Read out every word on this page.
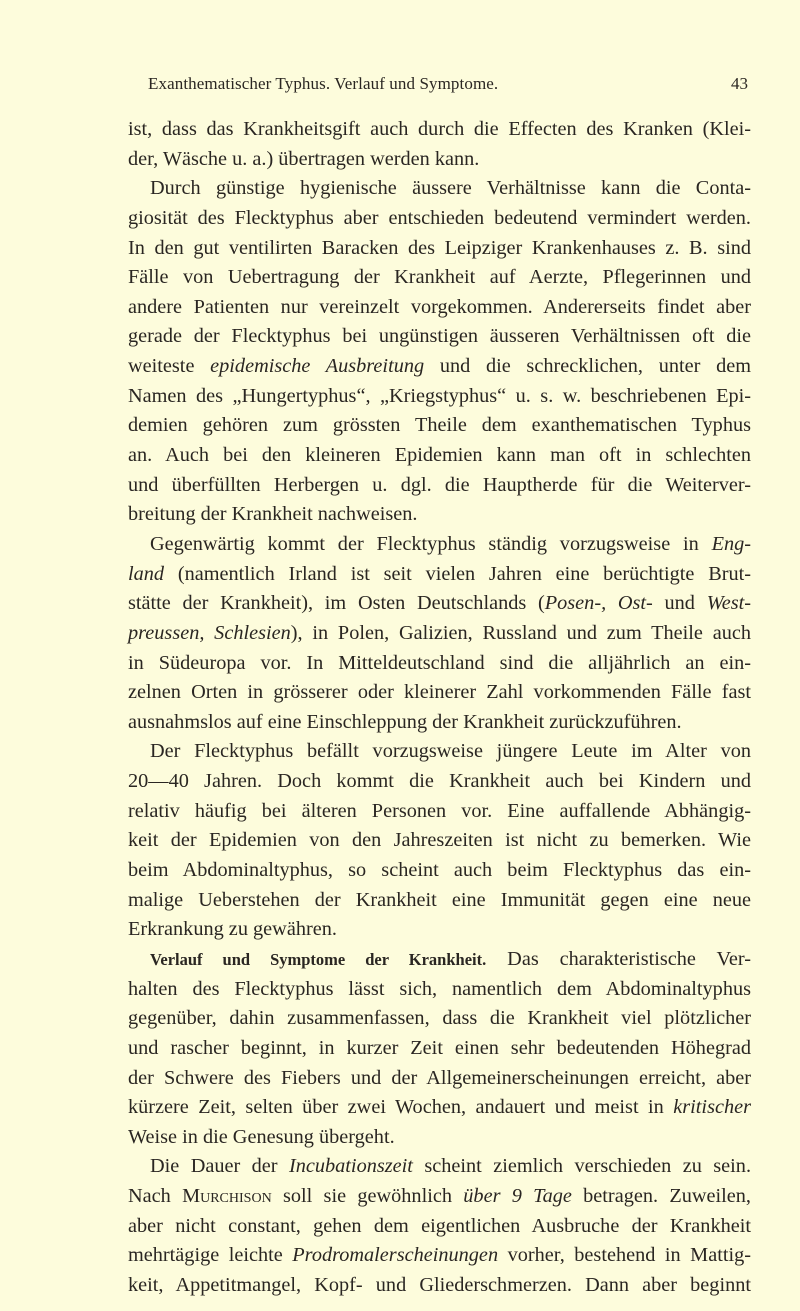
Exanthematischer Typhus. Verlauf und Symptome.	43
ist, dass das Krankheitsgift auch durch die Effecten des Kranken (Klei-
der, Wäsche u. a.) übertragen werden kann.
Durch günstige hygienische äussere Verhältnisse kann die Conta-
giosität des Flecktyphus aber entschieden bedeutend vermindert werden.
In den gut ventilirten Baracken des Leipziger Krankenhauses z. B. sind
Fälle von Uebertragung der Krankheit auf Aerzte, Pflegerinnen und
andere Patienten nur vereinzelt vorgekommen. Andererseits findet aber
gerade der Flecktyphus bei ungünstigen äusseren Verhältnissen oft die
weiteste epidemische Ausbreitung und die schrecklichen, unter dem
Namen des „Hungertyphus“, „Kriegstyphus“ u. s. w. beschriebenen Epi-
demien gehören zum grössten Theile dem exanthematischen Typhus
an. Auch bei den kleineren Epidemien kann man oft in schlechten
und überfüllten Herbergen u. dgl. die Hauptherde für die Weiterver-
breitung der Krankheit nachweisen.
Gegenwärtig kommt der Flecktyphus ständig vorzugsweise in Eng-
land (namentlich Irland ist seit vielen Jahren eine berüchtigte Brut-
stätte der Krankheit), im Osten Deutschlands (Posen-, Ost- und West-
preussen, Schlesien), in Polen, Galizien, Russland und zum Theile auch
in Südeuropa vor. In Mitteldeutschland sind die alljährlich an ein-
zelnen Orten in grösserer oder kleinerer Zahl vorkommenden Fälle fast
ausnahmslos auf eine Einschleppung der Krankheit zurückzuführen.
Der Flecktyphus befällt vorzugsweise jüngere Leute im Alter von
20—40 Jahren. Doch kommt die Krankheit auch bei Kindern und
relativ häufig bei älteren Personen vor. Eine auffallende Abhängig-
keit der Epidemien von den Jahreszeiten ist nicht zu bemerken. Wie
beim Abdominaltyphus, so scheint auch beim Flecktyphus das ein-
malige Ueberstehen der Krankheit eine Immunität gegen eine neue
Erkrankung zu gewähren.
Verlauf und Symptome der Krankheit. Das charakteristische Ver-
halten des Flecktyphus lässt sich, namentlich dem Abdominaltyphus
gegenüber, dahin zusammenfassen, dass die Krankheit viel plötzlicher
und rascher beginnt, in kurzer Zeit einen sehr bedeutenden Höhegrad
der Schwere des Fiebers und der Allgemeinerscheinungen erreicht, aber
kürzere Zeit, selten über zwei Wochen, andauert und meist in kritischer
Weise in die Genesung übergeht.
Die Dauer der Incubationszeit scheint ziemlich verschieden zu sein.
Nach Murchison soll sie gewöhnlich über 9 Tage betragen. Zuweilen,
aber nicht constant, gehen dem eigentlichen Ausbruche der Krankheit
mehrtägige leichte Prodromalerscheinungen vorher, bestehend in Mattig-
keit, Appetitmangel, Kopf- und Gliederschmerzen. Dann aber beginnt
